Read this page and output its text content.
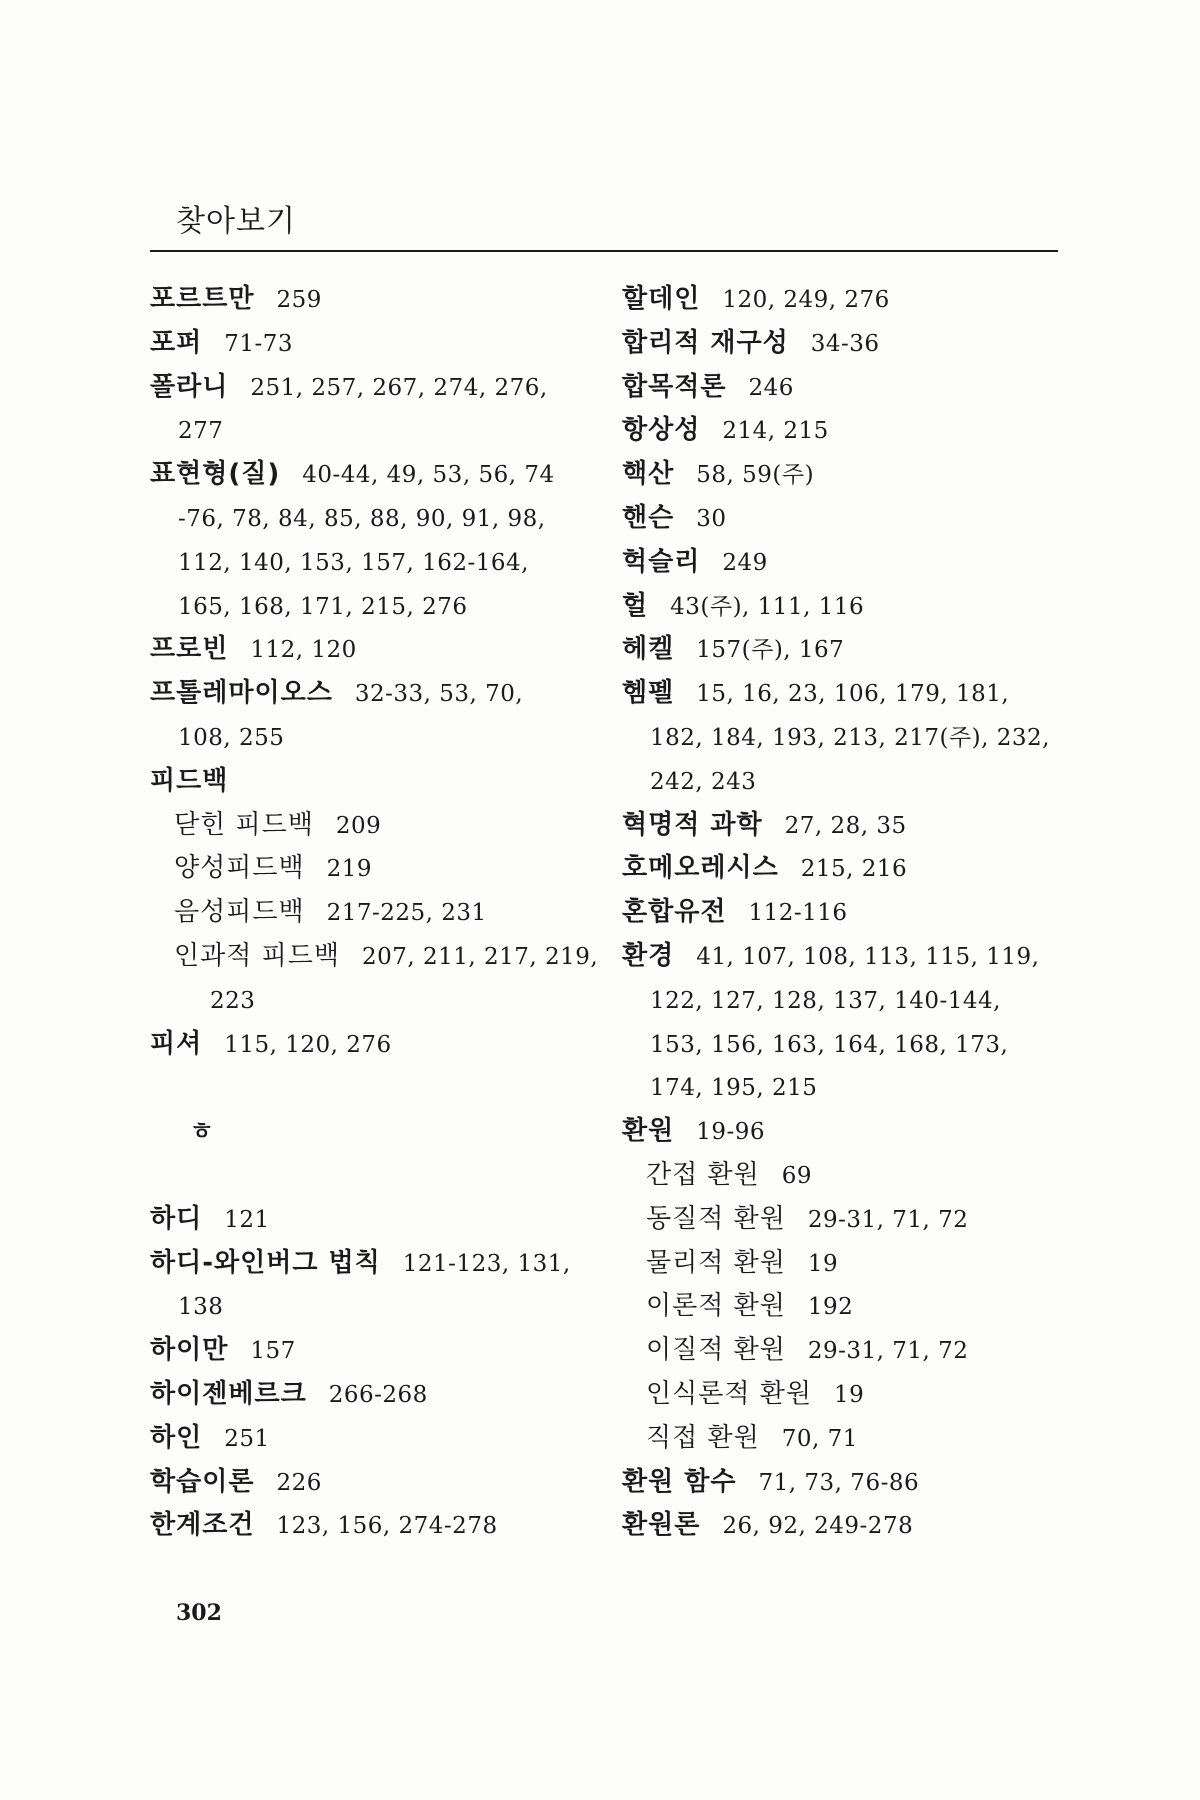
찾아보기
포르트만 259
포퍼 71-73
폴라니 251, 257, 267, 274, 276,
277
표현형(질) 40-44, 49, 53, 56, 74
-76, 78, 84, 85, 88, 90, 91, 98,
112, 140, 153, 157, 162-164,
165, 168, 171, 215, 276
프로빈 112, 120
프톨레마이오스 32-33, 53, 70,
108, 255
피드백
닫힌 피드백 209
양성피드백 219
음성피드백 217-225, 231
인과적 피드백 207, 211, 217, 219,
223
피셔 115, 120, 276
ㅎ
하디 121
하디-와인버그 법칙 121-123, 131,
138
하이만 157
하이젠베르크 266-268
하인 251
학습이론 226
한계조건 123, 156, 274-278
할데인 120, 249, 276
합리적 재구성 34-36
합목적론 246
항상성 214, 215
핵산 58, 59(주)
핸슨 30
헉슬리 249
헐 43(주), 111, 116
헤켈 157(주), 167
헴펠 15, 16, 23, 106, 179, 181,
182, 184, 193, 213, 217(주), 232,
242, 243
혁명적 과학 27, 28, 35
호메오레시스 215, 216
혼합유전 112-116
환경 41, 107, 108, 113, 115, 119,
122, 127, 128, 137, 140-144,
153, 156, 163, 164, 168, 173,
174, 195, 215
환원 19-96
간접 환원 69
동질적 환원 29-31, 71, 72
물리적 환원 19
이론적 환원 192
이질적 환원 29-31, 71, 72
인식론적 환원 19
직접 환원 70, 71
환원 함수 71, 73, 76-86
환원론 26, 92, 249-278
302
